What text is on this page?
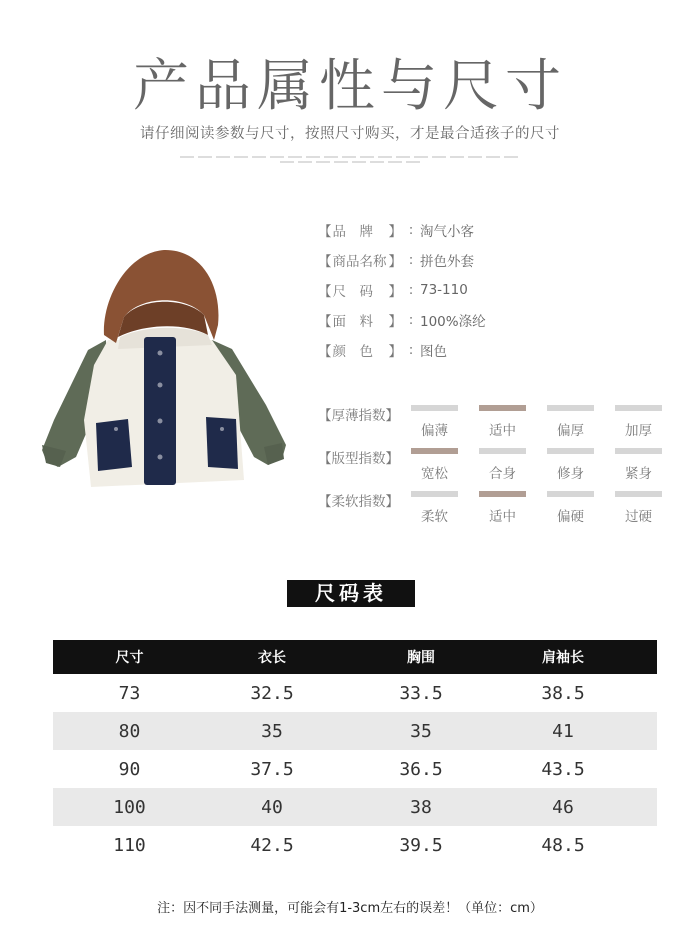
产品属性与尺寸
请仔细阅读参数与尺寸，按照尺寸购买，才是最合适孩子的尺寸
【 品　牌	】 : 淘气小客
【 商品名称 】 : 拼色外套
【 尺　码	】 : 73-110
【 面　料	】 : 100%涤纶
【 颜　色	】 : 图色
【厚薄指数】
偏薄	适中	偏厚	加厚
【版型指数】
宽松	合身	修身	紧身
【柔软指数】
柔软	适中	偏硬	过硬
尺码表
尺寸	衣长	胸围	肩袖长
73	32.5	33.5	38.5
80	35	35	41
90	37.5	36.5	43.5
100	40	38	46
110	42.5	39.5	48.5
注：因不同手法测量，可能会有1-3cm左右的误差！（单位：cm）
